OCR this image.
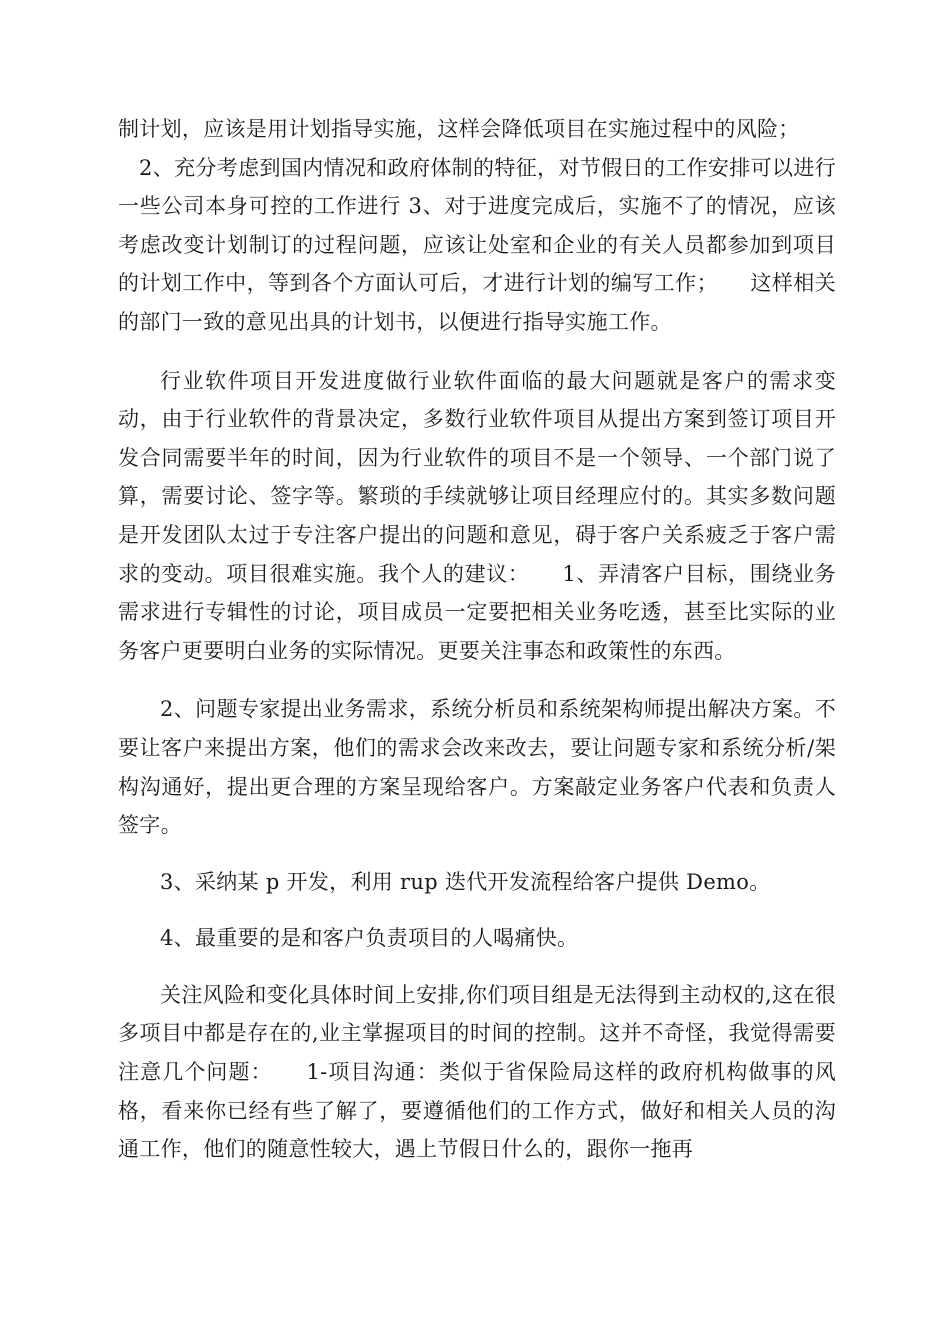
制计划，应该是用计划指导实施，这样会降低项目在实施过程中的风险；

2、充分考虑到国内情况和政府体制的特征，对节假日的工作安排可以进行一些公司本身可控的工作进行 3、对于进度完成后，实施不了的情况，应该考虑改变计划制订的过程问题，应该让处室和企业的有关人员都参加到项目的计划工作中，等到各个方面认可后，才进行计划的编写工作；　　这样相关的部门一致的意见出具的计划书，以便进行指导实施工作。

行业软件项目开发进度做行业软件面临的最大问题就是客户的需求变动，由于行业软件的背景决定，多数行业软件项目从提出方案到签订项目开发合同需要半年的时间，因为行业软件的项目不是一个领导、一个部门说了算，需要讨论、签字等。繁琐的手续就够让项目经理应付的。其实多数问题是开发团队太过于专注客户提出的问题和意见，碍于客户关系疲乏于客户需求的变动。项目很难实施。我个人的建议：　　1、弄清客户目标，围绕业务需求进行专辑性的讨论，项目成员一定要把相关业务吃透，甚至比实际的业务客户更要明白业务的实际情况。更要关注事态和政策性的东西。

2、问题专家提出业务需求，系统分析员和系统架构师提出解决方案。不要让客户来提出方案，他们的需求会改来改去，要让问题专家和系统分析/架构沟通好，提出更合理的方案呈现给客户。方案敲定业务客户代表和负责人签字。

3、采纳某 p 开发，利用 rup 迭代开发流程给客户提供 Demo。

4、最重要的是和客户负责项目的人喝痛快。

关注风险和变化具体时间上安排,你们项目组是无法得到主动权的,这在很多项目中都是存在的,业主掌握项目的时间的控制。这并不奇怪，我觉得需要注意几个问题：　　1-项目沟通：类似于省保险局这样的政府机构做事的风格，看来你已经有些了解了，要遵循他们的工作方式，做好和相关人员的沟通工作，他们的随意性较大，遇上节假日什么的，跟你一拖再
